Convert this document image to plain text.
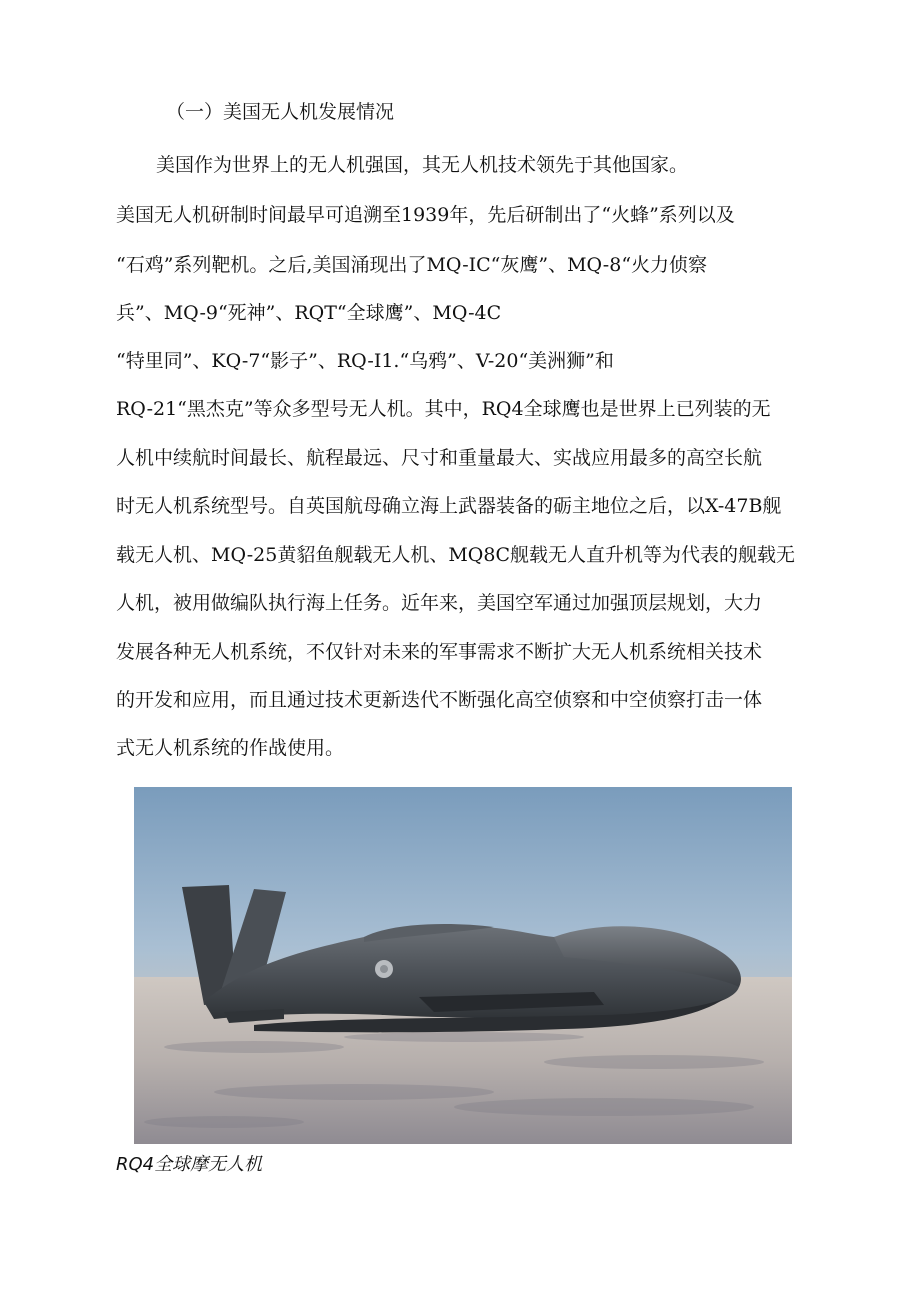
（一）美国无人机发展情况
美国作为世界上的无人机强国，其无人机技术领先于其他国家。
美国无人机研制时间最早可追溯至1939年，先后研制出了“火蜂”系列以及
“石鸡”系列靶机。之后,美国涌现出了MQ-IC“灰鹰”、MQ-8“火力侦察
兵”、MQ-9“死神”、RQT“全球鹰”、MQ-4C
“特里同”、KQ-7“影子”、RQ-I1.“乌鸦”、V-20“美洲狮”和
RQ-21“黑杰克”等众多型号无人机。其中，RQ4全球鹰也是世界上已列装的无
人机中续航时间最长、航程最远、尺寸和重量最大、实战应用最多的高空长航
时无人机系统型号。自英国航母确立海上武器装备的砺主地位之后，以X-47B舰
载无人机、MQ-25黄貂鱼舰载无人机、MQ8C舰载无人直升机等为代表的舰载无
人机，被用做编队执行海上任务。近年来，美国空军通过加强顶层规划，大力
发展各种无人机系统，不仅针对未来的军事需求不断扩大无人机系统相关技术
的开发和应用，而且通过技术更新迭代不断强化高空侦察和中空侦察打击一体
式无人机系统的作战使用。
RQ4全球摩无人机
